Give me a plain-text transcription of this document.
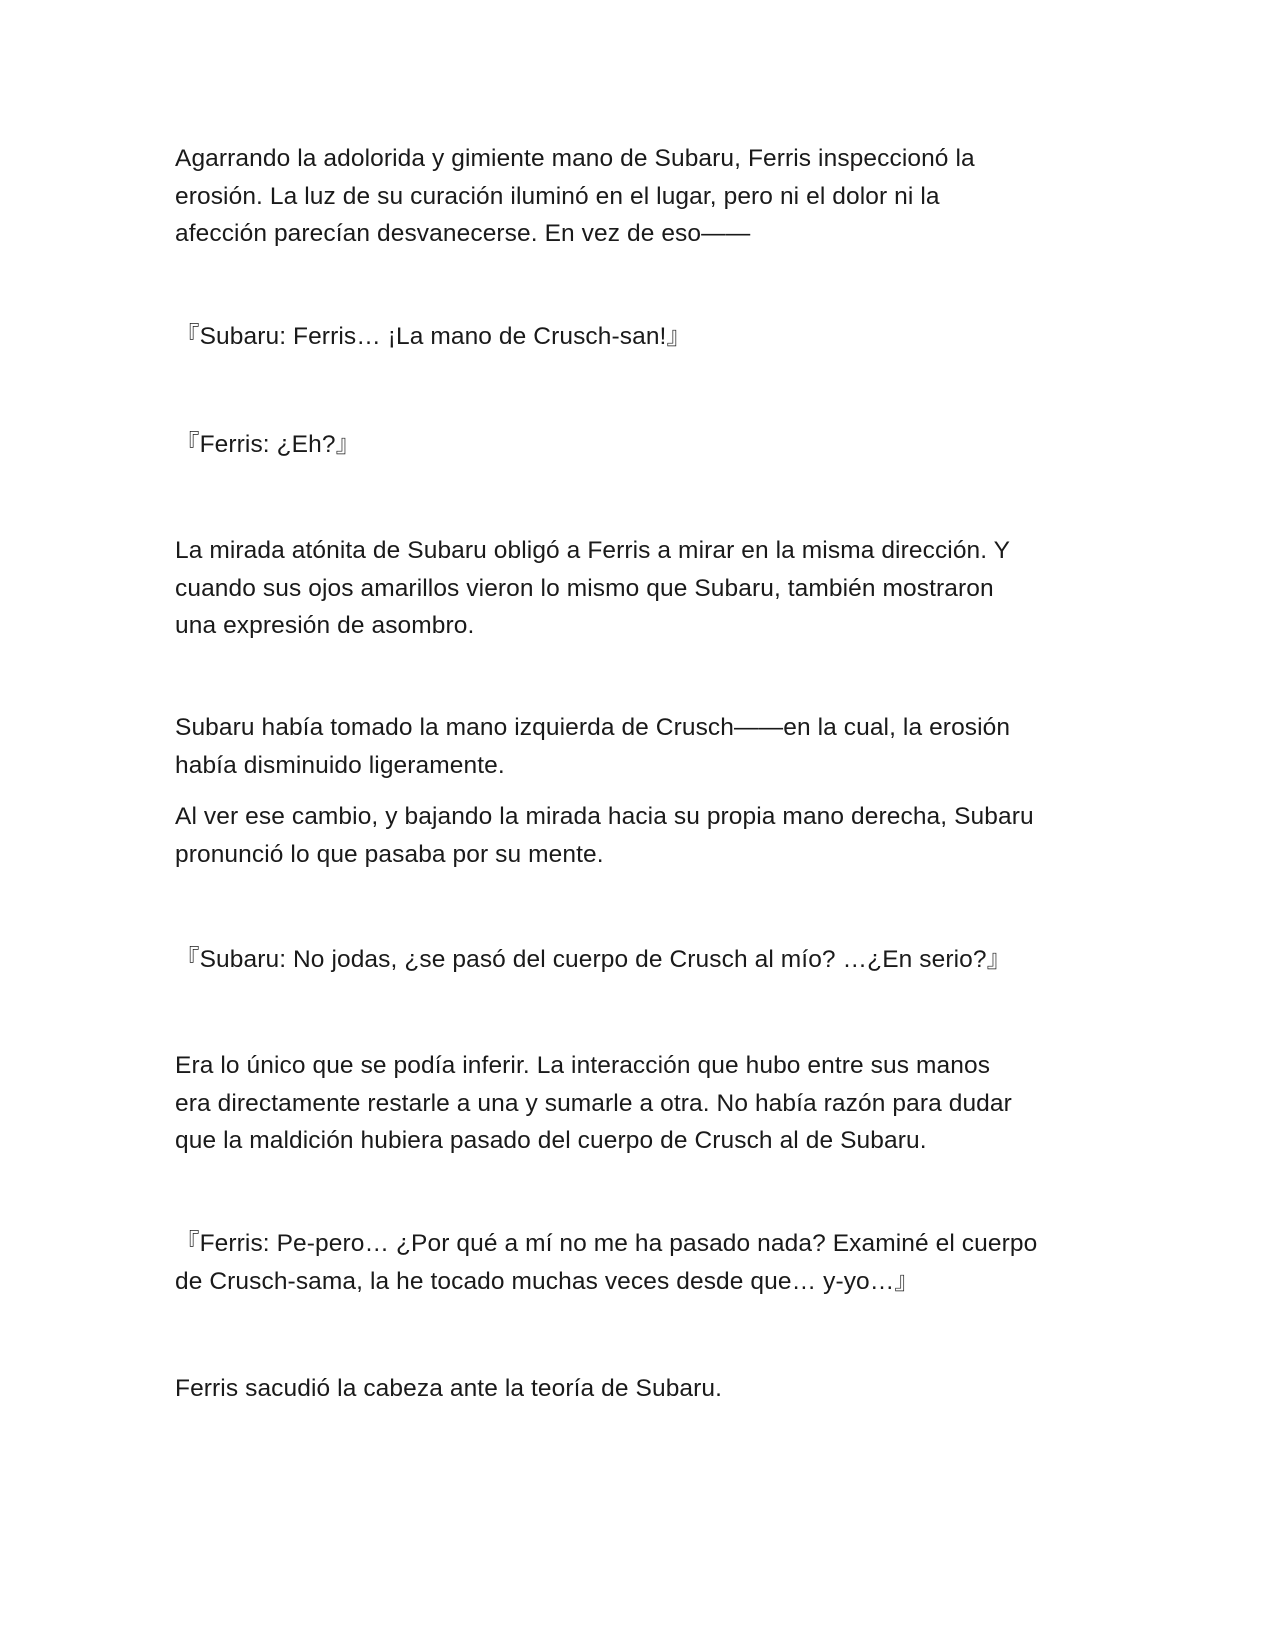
Agarrando la adolorida y gimiente mano de Subaru, Ferris inspeccionó la
erosión. La luz de su curación iluminó en el lugar, pero ni el dolor ni la
afección parecían desvanecerse. En vez de eso——

『Subaru: Ferris… ¡La mano de Crusch-san!』

『Ferris: ¿Eh?』

La mirada atónita de Subaru obligó a Ferris a mirar en la misma dirección. Y
cuando sus ojos amarillos vieron lo mismo que Subaru, también mostraron
una expresión de asombro.

Subaru había tomado la mano izquierda de Crusch——en la cual, la erosión
había disminuido ligeramente.

Al ver ese cambio, y bajando la mirada hacia su propia mano derecha, Subaru
pronunció lo que pasaba por su mente.

『Subaru: No jodas, ¿se pasó del cuerpo de Crusch al mío? …¿En serio?』

Era lo único que se podía inferir. La interacción que hubo entre sus manos
era directamente restarle a una y sumarle a otra. No había razón para dudar
que la maldición hubiera pasado del cuerpo de Crusch al de Subaru.

『Ferris: Pe-pero… ¿Por qué a mí no me ha pasado nada? Examiné el cuerpo
de Crusch-sama, la he tocado muchas veces desde que… y-yo…』

Ferris sacudió la cabeza ante la teoría de Subaru.
